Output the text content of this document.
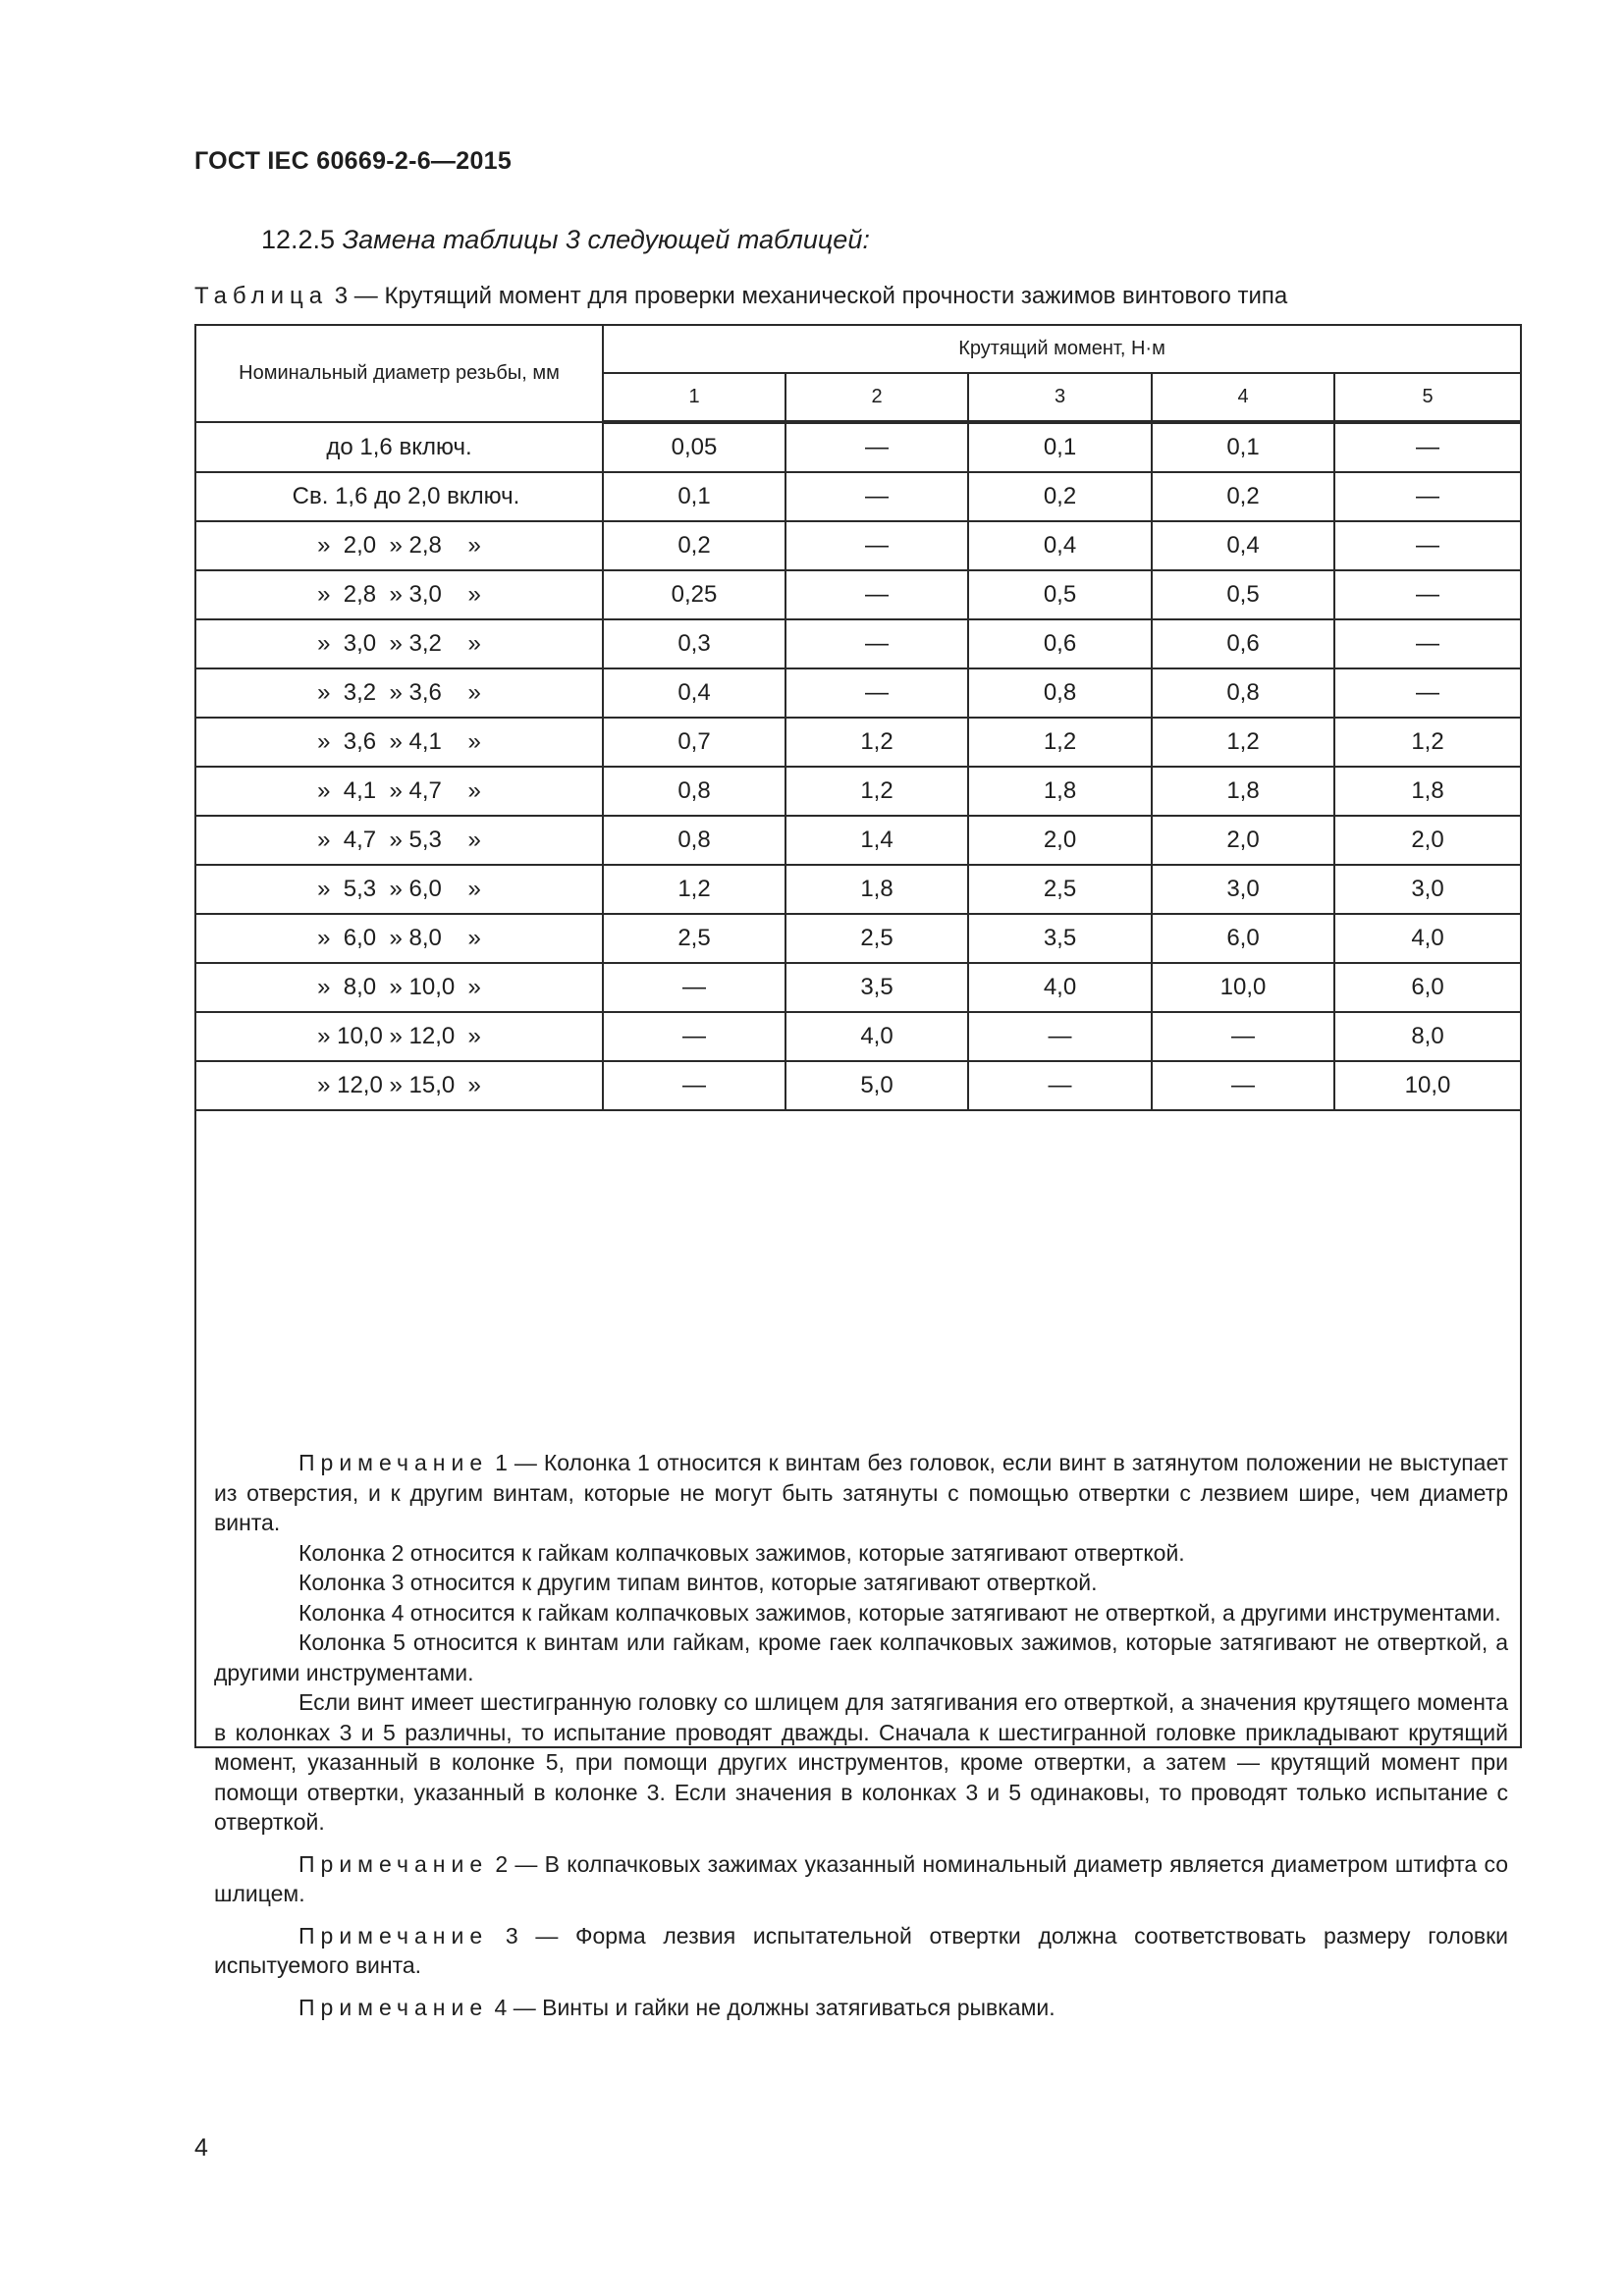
ГОСТ IEC 60669-2-6—2015
12.2.5 Замена таблицы 3 следующей таблицей:
Таблица 3 — Крутящий момент для проверки механической прочности зажимов винтового типа
Номинальный диаметр резьбы, мм	Крутящий момент, Н·м				
	1	2	3	4	5
до 1,6 включ.	0,05	—	0,1	0,1	—
Св. 1,6 до 2,0 включ.	0,1	—	0,2	0,2	—
»  2,0  » 2,8    »	0,2	—	0,4	0,4	—
»  2,8  » 3,0    »	0,25	—	0,5	0,5	—
»  3,0  » 3,2    »	0,3	—	0,6	0,6	—
»  3,2  » 3,6    »	0,4	—	0,8	0,8	—
»  3,6  » 4,1    »	0,7	1,2	1,2	1,2	1,2
»  4,1  » 4,7    »	0,8	1,2	1,8	1,8	1,8
»  4,7  » 5,3    »	0,8	1,4	2,0	2,0	2,0
»  5,3  » 6,0    »	1,2	1,8	2,5	3,0	3,0
»  6,0  » 8,0    »	2,5	2,5	3,5	6,0	4,0
»  8,0  » 10,0  »	—	3,5	4,0	10,0	6,0
» 10,0 » 12,0  »	—	4,0	—	—	8,0
» 12,0 » 15,0  »	—	5,0	—	—	10,0

Примечание 1 — Колонка 1 относится к винтам без головок, если винт в затянутом положении не выступает из отверстия, и к другим винтам, которые не могут быть затянуты с помощью отвертки с лезвием шире, чем диаметр винта.

Колонка 2 относится к гайкам колпачковых зажимов, которые затягивают отверткой.

Колонка 3 относится к другим типам винтов, которые затягивают отверткой.

Колонка 4 относится к гайкам колпачковых зажимов, которые затягивают не отверткой, а другими инструментами.

Колонка 5 относится к винтам или гайкам, кроме гаек колпачковых зажимов, которые затягивают не отверткой, а другими инструментами.

Если винт имеет шестигранную головку со шлицем для затягивания его отверткой, а значения крутящего момента в колонках 3 и 5 различны, то испытание проводят дважды. Сначала к шестигранной головке прикладывают крутящий момент, указанный в колонке 5, при помощи других инструментов, кроме отвертки, а затем — крутящий момент при помощи отвертки, указанный в колонке 3. Если значения в колонках 3 и 5 одинаковы, то проводят только испытание с отверткой.

Примечание 2 — В колпачковых зажимах указанный номинальный диаметр является диаметром штифта со шлицем.

Примечание 3 — Форма лезвия испытательной отвертки должна соответствовать размеру головки испытуемого винта.

Примечание 4 — Винты и гайки не должны затягиваться рывками.

4
